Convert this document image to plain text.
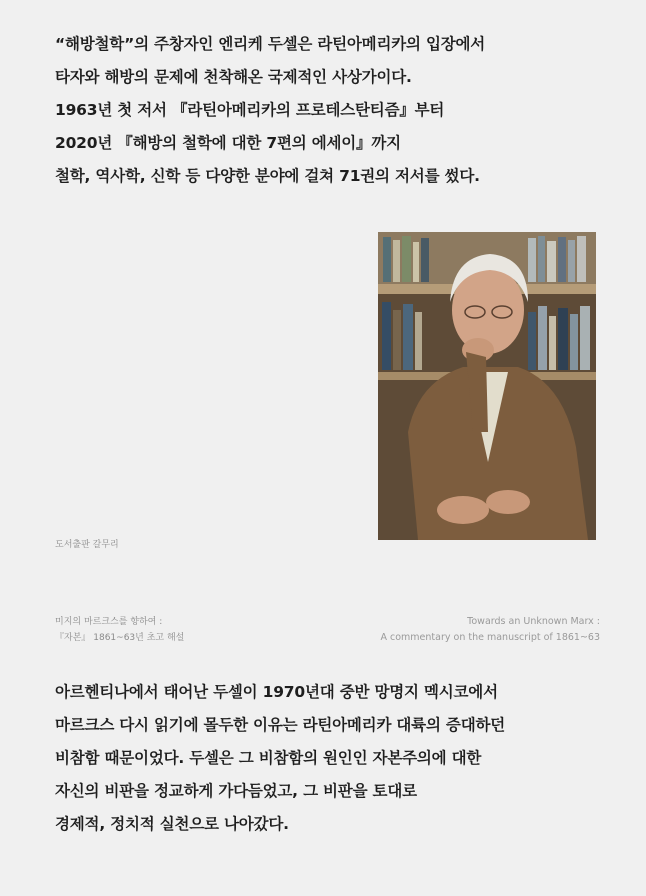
“해방철학”의 주창자인 엔리케 두셀은 라틴아메리카의 입장에서
타자와 해방의 문제에 천착해온 국제적인 사상가이다.
1963년 첫 저서 『라틴아메리카의 프로테스탄티즘』부터
2020년 『해방의 철학에 대한 7편의 에세이』까지
철학, 역사학, 신학 등 다양한 분야에 걸쳐 71권의 저서를 썼다.

도서출판 갈무리

미지의 마르크스를 향하여 :
『자본』 1861~63년 초고 해설
Towards an Unknown Marx :
A commentary on the manuscript of 1861~63
아르헨티나에서 태어난 두셀이 1970년대 중반 망명지 멕시코에서
마르크스 다시 읽기에 몰두한 이유는 라틴아메리카 대륙의 증대하던
비참함 때문이었다. 두셀은 그 비참함의 원인인 자본주의에 대한
자신의 비판을 정교하게 가다듬었고, 그 비판을 토대로
경제적, 정치적 실천으로 나아갔다.
